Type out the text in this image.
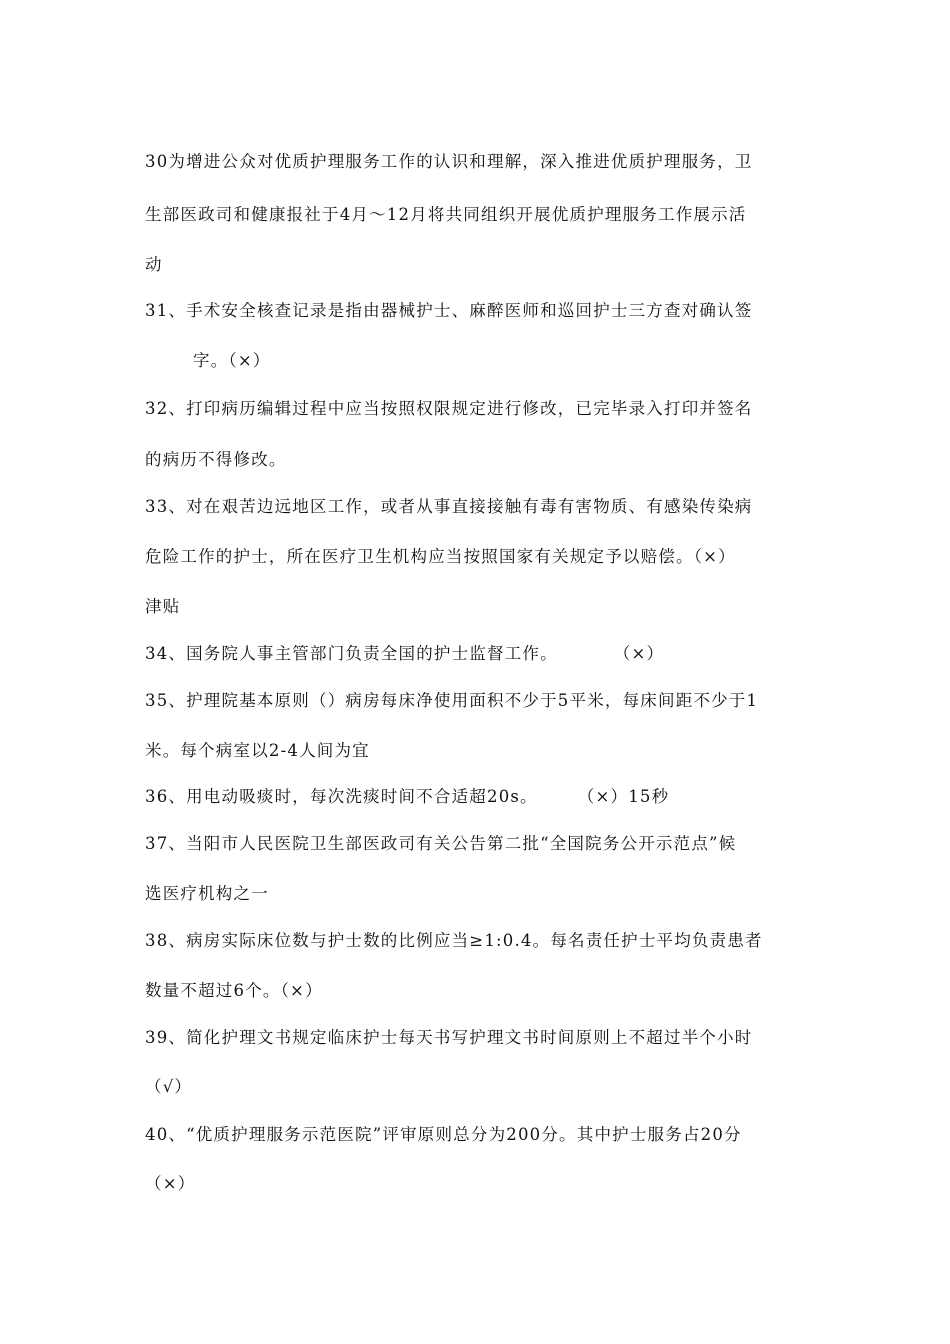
30为增进公众对优质护理服务工作的认识和理解，深入推进优质护理服务，卫
生部医政司和健康报社于4月～12月将共同组织开展优质护理服务工作展示活
动
31、手术安全核查记录是指由器械护士、麻醉医师和巡回护士三方查对确认签
字。（×）
32、打印病历编辑过程中应当按照权限规定进行修改，已完毕录入打印并签名
的病历不得修改。
33、对在艰苦边远地区工作，或者从事直接接触有毒有害物质、有感染传染病
危险工作的护士，所在医疗卫生机构应当按照国家有关规定予以赔偿。（×）
津贴
34、国务院人事主管部门负责全国的护士监督工作。	（×）
35、护理院基本原则（）病房每床净使用面积不少于5平米，每床间距不少于1
米。每个病室以2-4人间为宜
36、用电动吸痰时，每次洗痰时间不合适超20s。 （×）15秒
37、当阳市人民医院卫生部医政司有关公告第二批“全国院务公开示范点”候
选医疗机构之一
38、病房实际床位数与护士数的比例应当≥1:0.4。每名责任护士平均负责患者
数量不超过6个。（×）
39、简化护理文书规定临床护士每天书写护理文书时间原则上不超过半个小时
（√）
40、“优质护理服务示范医院”评审原则总分为200分。其中护士服务占20分
（×）
